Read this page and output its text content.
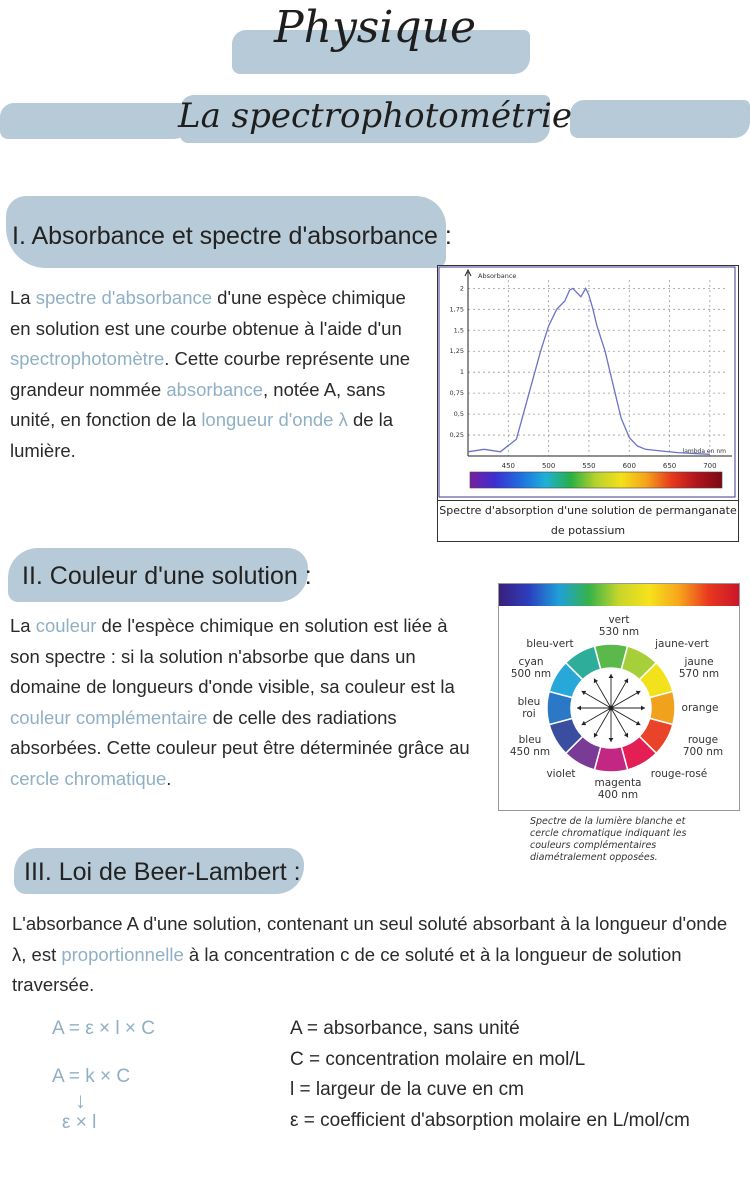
Physique
La spectrophotométrie
I. Absorbance et spectre d'absorbance :
La spectre d'absorbance d'une espèce chimique en solution est une courbe obtenue à l'aide d'un spectrophotomètre. Cette courbe représente une grandeur nommée absorbance, notée A, sans unité, en fonction de la longueur d'onde λ de la lumière.
450	500	550	600	650	700
0,25
0,5
0,75
1
1,25
1,5
1,75
2
Absorbance
lambda en nm
Spectre d'absorption d'une solution de permanganate de potassium
II. Couleur d'une solution :
La couleur de l'espèce chimique en solution est liée à son spectre : si la solution n'absorbe que dans un domaine de longueurs d'onde visible, sa couleur est la couleur complémentaire de celle des radiations absorbées. Cette couleur peut être déterminée grâce au cercle chromatique.
vert
530 nm
bleu-vert	jaune-vert
cyan
500 nm
jaune
570 nm
bleu
roi	orange
bleu
450 nm
rouge
700 nm
violet	rouge-rosé
magenta
400 nm
Spectre de la lumière blanche et cercle chromatique indiquant les couleurs complémentaires diamétralement opposées.
III. Loi de Beer-Lambert :
L'absorbance A d'une solution, contenant un seul soluté absorbant à la longueur d'onde λ, est proportionnelle à la concentration c de ce soluté et à la longueur de solution traversée.
A = ε × l × C
A = k × C
↓
ε × l
A = absorbance, sans unité
C = concentration molaire en mol/L
l = largeur de la cuve en cm
ε = coefficient d'absorption molaire en L/mol/cm
